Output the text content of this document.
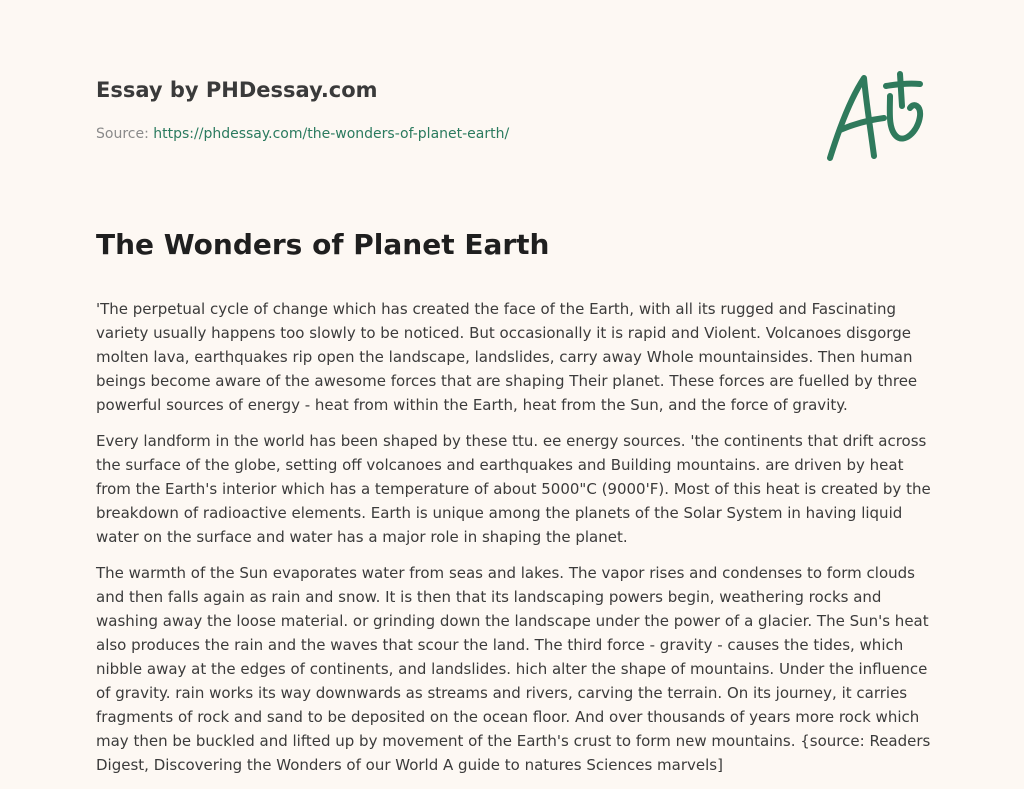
Essay by PHDessay.com
Source: https://phdessay.com/the-wonders-of-planet-earth/
The Wonders of Planet Earth

'The perpetual cycle of change which has created the face of the Earth, with all its rugged and Fascinating variety usually happens too slowly to be noticed. But occasionally it is rapid and Violent. Volcanoes disgorge molten lava, earthquakes rip open the landscape, landslides, carry away Whole mountainsides. Then human beings become aware of the awesome forces that are shaping Their planet. These forces are fuelled by three powerful sources of energy - heat from within the Earth, heat from the Sun, and the force of gravity.

Every landform in the world has been shaped by these ttu. ee energy sources. 'the continents that drift across the surface of the globe, setting off volcanoes and earthquakes and Building mountains. are driven by heat from the Earth's interior which has a temperature of about 5000"C (9000'F). Most of this heat is created by the breakdown of radioactive elements. Earth is unique among the planets of the Solar System in having liquid water on the surface and water has a major role in shaping the planet.

The warmth of the Sun evaporates water from seas and lakes. The vapor rises and condenses to form clouds and then falls again as rain and snow. It is then that its landscaping powers begin, weathering rocks and washing away the loose material. or grinding down the landscape under the power of a glacier. The Sun's heat also produces the rain and the waves that scour the land. The third force - gravity - causes the tides, which nibble away at the edges of continents, and landslides. hich alter the shape of mountains. Under the influence of gravity. rain works its way downwards as streams and rivers, carving the terrain. On its journey, it carries fragments of rock and sand to be deposited on the ocean floor. And over thousands of years more rock which may then be buckled and lifted up by movement of the Earth's crust to form new mountains. {source: Readers Digest, Discovering the Wonders of our World A guide to natures Sciences marvels]
